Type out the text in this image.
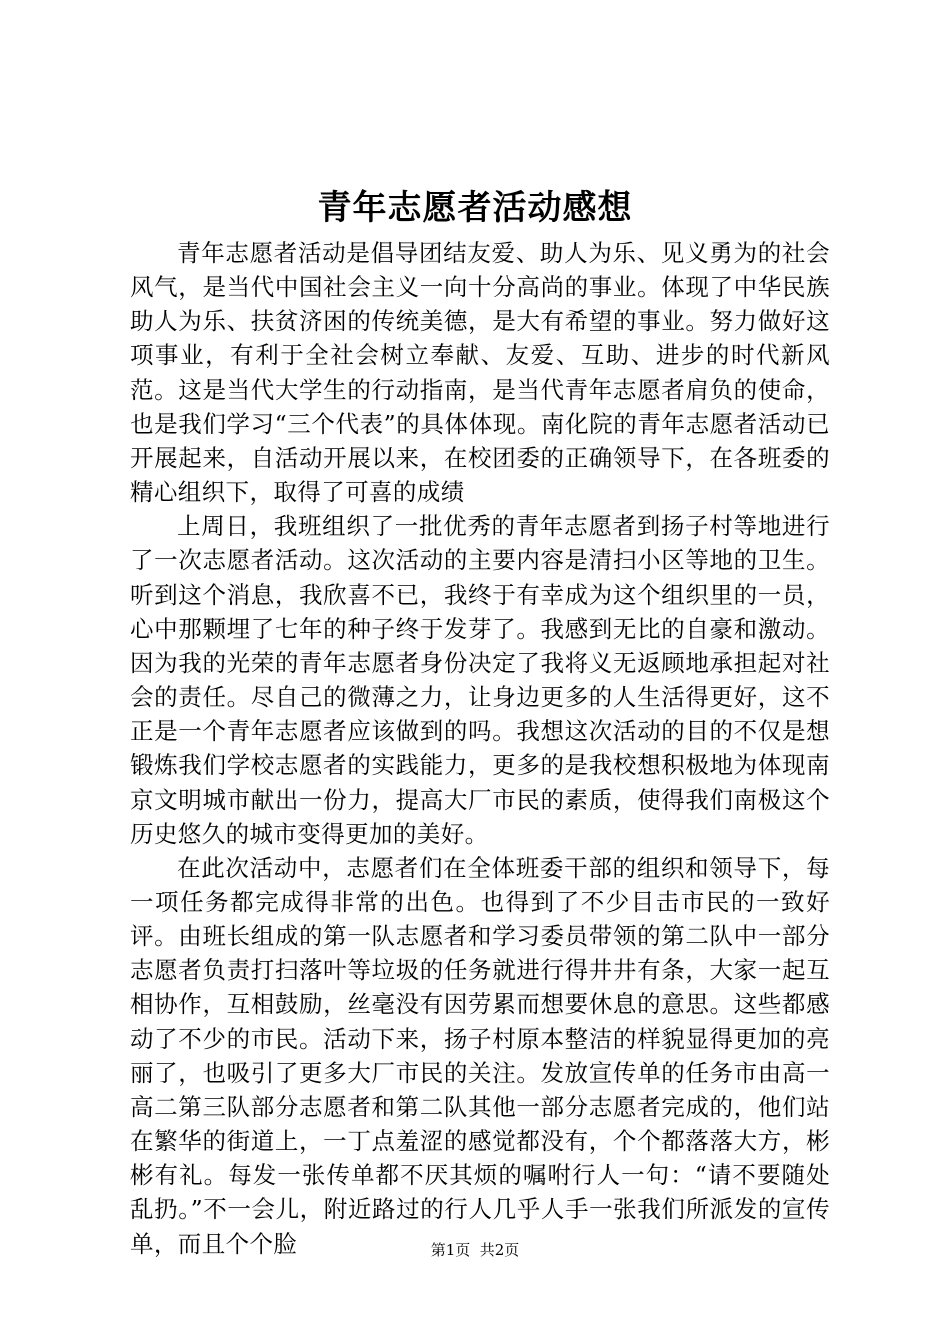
青年志愿者活动感想

青年志愿者活动是倡导团结友爱、助人为乐、见义勇为的社会风气，是当代中国社会主义一向十分高尚的事业。体现了中华民族助人为乐、扶贫济困的传统美德，是大有希望的事业。努力做好这项事业，有利于全社会树立奉献、友爱、互助、进步的时代新风范。这是当代大学生的行动指南，是当代青年志愿者肩负的使命，也是我们学习“三个代表”的具体体现。南化院的青年志愿者活动已开展起来，自活动开展以来，在校团委的正确领导下，在各班委的精心组织下，取得了可喜的成绩

上周日，我班组织了一批优秀的青年志愿者到扬子村等地进行了一次志愿者活动。这次活动的主要内容是清扫小区等地的卫生。听到这个消息，我欣喜不已，我终于有幸成为这个组织里的一员，心中那颗埋了七年的种子终于发芽了。我感到无比的自豪和激动。因为我的光荣的青年志愿者身份决定了我将义无返顾地承担起对社会的责任。尽自己的微薄之力，让身边更多的人生活得更好，这不正是一个青年志愿者应该做到的吗。我想这次活动的目的不仅是想锻炼我们学校志愿者的实践能力，更多的是我校想积极地为体现南京文明城市献出一份力，提高大厂市民的素质，使得我们南极这个历史悠久的城市变得更加的美好。

在此次活动中，志愿者们在全体班委干部的组织和领导下，每一项任务都完成得非常的出色。也得到了不少目击市民的一致好评。由班长组成的第一队志愿者和学习委员带领的第二队中一部分志愿者负责打扫落叶等垃圾的任务就进行得井井有条，大家一起互相协作，互相鼓励，丝毫没有因劳累而想要休息的意思。这些都感动了不少的市民。活动下来，扬子村原本整洁的样貌显得更加的亮丽了，也吸引了更多大厂市民的关注。发放宣传单的任务市由高一高二第三队部分志愿者和第二队其他一部分志愿者完成的，他们站在繁华的街道上，一丁点羞涩的感觉都没有，个个都落落大方，彬彬有礼。每发一张传单都不厌其烦的嘱咐行人一句：“请不要随处乱扔。”不一会儿，附近路过的行人几乎人手一张我们所派发的宣传单，而且个个脸	第1页  共2页
